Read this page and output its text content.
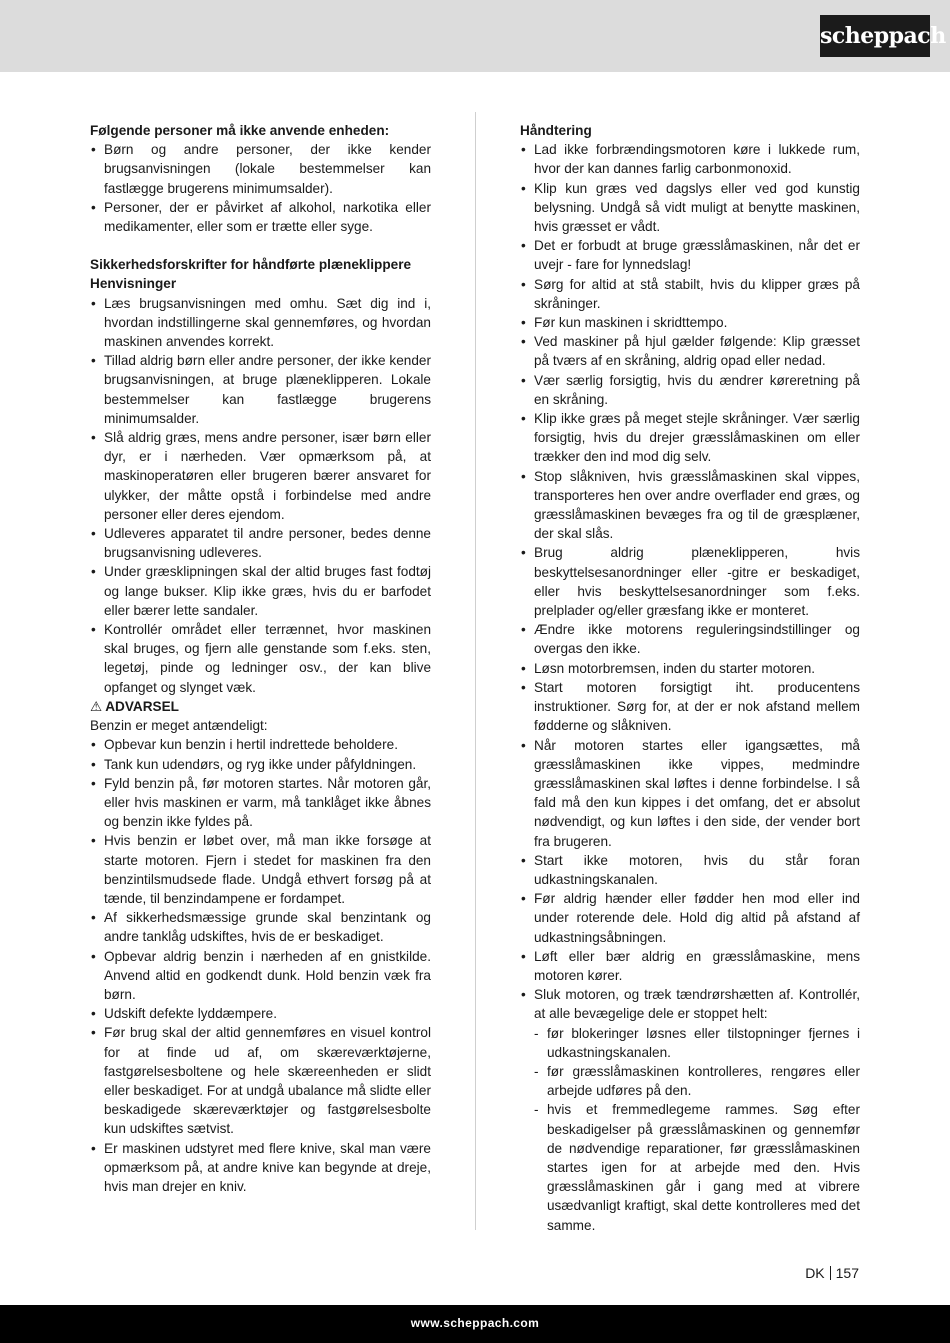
scheppach

Følgende personer må ikke anvende enheden:

• Børn og andre personer, der ikke kender brugsanvisningen (lokale bestemmelser kan fastlægge brugerens minimumsalder).
• Personer, der er påvirket af alkohol, narkotika eller medikamenter, eller som er trætte eller syge.

Sikkerhedsforskrifter for håndførte plæneklippere

Henvisninger

• Læs brugsanvisningen med omhu. Sæt dig ind i, hvordan indstillingerne skal gennemføres, og hvordan maskinen anvendes korrekt.
• Tillad aldrig børn eller andre personer, der ikke kender brugsanvisningen, at bruge plæneklipperen. Lokale bestemmelser kan fastlægge brugerens minimumsalder.
• Slå aldrig græs, mens andre personer, især børn eller dyr, er i nærheden. Vær opmærksom på, at maskinoperatøren eller brugeren bærer ansvaret for ulykker, der måtte opstå i forbindelse med andre personer eller deres ejendom.
• Udleveres apparatet til andre personer, bedes denne brugsanvisning udleveres.
• Under græsklipningen skal der altid bruges fast fodtøj og lange bukser. Klip ikke græs, hvis du er barfodet eller bærer lette sandaler.
• Kontrollér området eller terrænnet, hvor maskinen skal bruges, og fjern alle genstande som f.eks. sten, legetøj, pinde og ledninger osv., der kan blive opfanget og slynget væk.

⚠ ADVARSEL

Benzin er meget antændeligt:

• Opbevar kun benzin i hertil indrettede beholdere.
• Tank kun udendørs, og ryg ikke under påfyldningen.
• Fyld benzin på, før motoren startes. Når motoren går, eller hvis maskinen er varm, må tanklåget ikke åbnes og benzin ikke fyldes på.
• Hvis benzin er løbet over, må man ikke forsøge at starte motoren. Fjern i stedet for maskinen fra den benzintilsmudsede flade. Undgå ethvert forsøg på at tænde, til benzindampene er fordampet.
• Af sikkerhedsmæssige grunde skal benzintank og andre tanklåg udskiftes, hvis de er beskadiget.
• Opbevar aldrig benzin i nærheden af en gnistkilde. Anvend altid en godkendt dunk. Hold benzin væk fra børn.
• Udskift defekte lyddæmpere.
• Før brug skal der altid gennemføres en visuel kontrol for at finde ud af, om skæreværktøjerne, fastgørelsesboltene og hele skæreenheden er slidt eller beskadiget. For at undgå ubalance må slidte eller beskadigede skæreværktøjer og fastgørelsesbolte kun udskiftes sætvist.
• Er maskinen udstyret med flere knive, skal man være opmærksom på, at andre knive kan begynde at dreje, hvis man drejer en kniv.

Håndtering

• Lad ikke forbrændingsmotoren køre i lukkede rum, hvor der kan dannes farlig carbonmonoxid.
• Klip kun græs ved dagslys eller ved god kunstig belysning. Undgå så vidt muligt at benytte maskinen, hvis græsset er vådt.
• Det er forbudt at bruge græsslåmaskinen, når det er uvejr - fare for lynnedslag!
• Sørg for altid at stå stabilt, hvis du klipper græs på skråninger.
• Før kun maskinen i skridttempo.
• Ved maskiner på hjul gælder følgende: Klip græsset på tværs af en skråning, aldrig opad eller nedad.
• Vær særlig forsigtig, hvis du ændrer køreretning på en skråning.
• Klip ikke græs på meget stejle skråninger. Vær særlig forsigtig, hvis du drejer græsslåmaskinen om eller trækker den ind mod dig selv.
• Stop slåkniven, hvis græsslåmaskinen skal vippes, transporteres hen over andre overflader end græs, og græsslåmaskinen bevæges fra og til de græsplæner, der skal slås.
• Brug aldrig plæneklipperen, hvis beskyttelsesanordninger eller -gitre er beskadiget, eller hvis beskyttelsesanordninger som f.eks. prelplader og/eller græsfang ikke er monteret.
• Ændre ikke motorens reguleringsindstillinger og overgas den ikke.
• Løsn motorbremsen, inden du starter motoren.
• Start motoren forsigtigt iht. producentens instruktioner. Sørg for, at der er nok afstand mellem fødderne og slåkniven.
• Når motoren startes eller igangsættes, må græsslåmaskinen ikke vippes, medmindre græsslåmaskinen skal løftes i denne forbindelse. I så fald må den kun kippes i det omfang, det er absolut nødvendigt, og kun løftes i den side, der vender bort fra brugeren.
• Start ikke motoren, hvis du står foran udkastningskanalen.
• Før aldrig hænder eller fødder hen mod eller ind under roterende dele. Hold dig altid på afstand af udkastningsåbningen.
• Løft eller bær aldrig en græsslåmaskine, mens motoren kører.
• Sluk motoren, og træk tændrørshætten af. Kontrollér, at alle bevægelige dele er stoppet helt:
- før blokeringer løsnes eller tilstopninger fjernes i udkastningskanalen.
- før græsslåmaskinen kontrolleres, rengøres eller arbejde udføres på den.
- hvis et fremmedlegeme rammes. Søg efter beskadigelser på græsslåmaskinen og gennemfør de nødvendige reparationer, før græsslåmaskinen startes igen for at arbejde med den. Hvis græsslåmaskinen går i gang med at vibrere usædvanligt kraftigt, skal dette kontrolleres med det samme.
DK 157
www.scheppach.com
